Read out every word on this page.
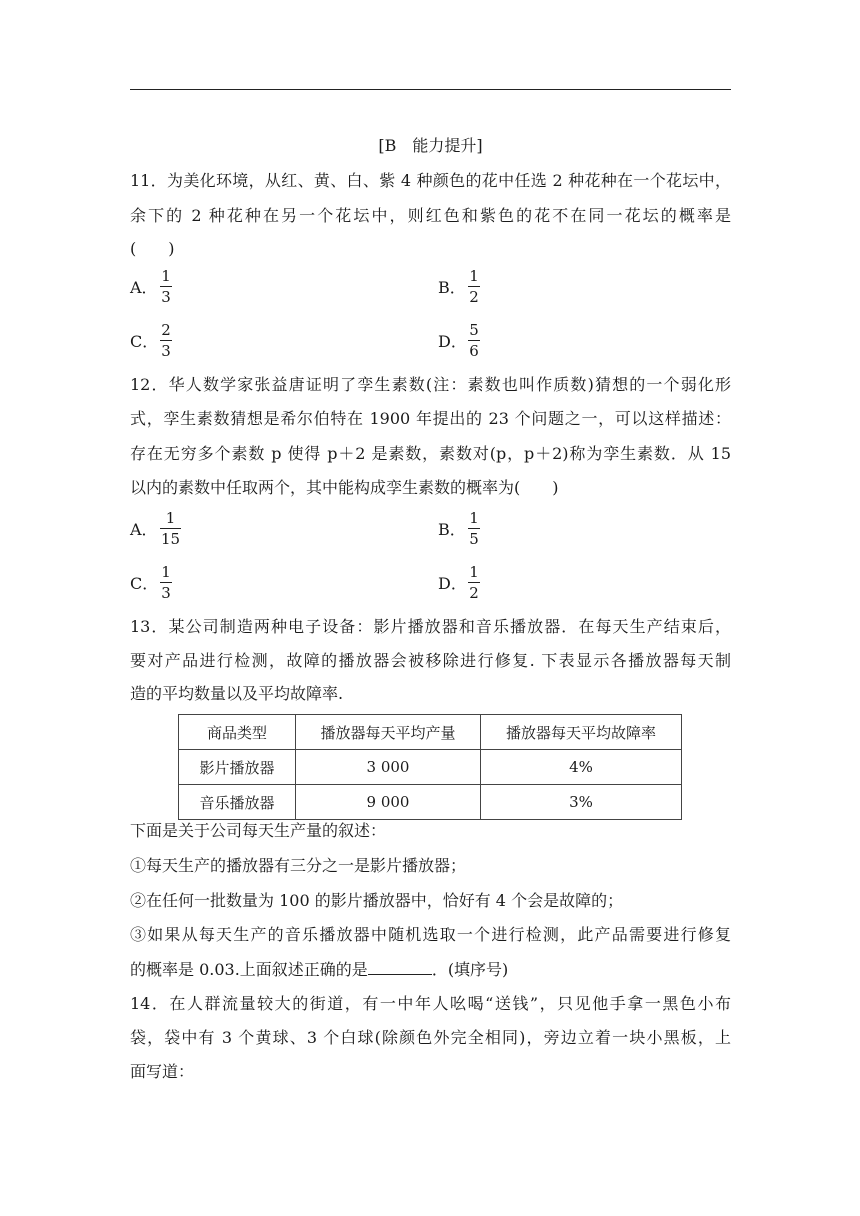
[B　能力提升]
11．为美化环境，从红、黄、白、紫 4 种颜色的花中任选 2 种花种在一个花坛中，
余下的 2 种花种在另一个花坛中，则红色和紫色的花不在同一花坛的概率是
(　　)
A． $\frac{1}{3}$	B． $\frac{1}{2}$
C． $\frac{2}{3}$	D． $\frac{5}{6}$
12．华人数学家张益唐证明了孪生素数(注：素数也叫作质数)猜想的一个弱化形
式，孪生素数猜想是希尔伯特在 1900 年提出的 23 个问题之一，可以这样描述：
存在无穷多个素数 p 使得 p＋2 是素数，素数对(p，p＋2)称为孪生素数．从 15
以内的素数中任取两个，其中能构成孪生素数的概率为(　　)
A． $\frac{1}{15}$	B． $\frac{1}{5}$
C． $\frac{1}{3}$	D． $\frac{1}{2}$
13．某公司制造两种电子设备：影片播放器和音乐播放器．在每天生产结束后，
要对产品进行检测，故障的播放器会被移除进行修复. 下表显示各播放器每天制
造的平均数量以及平均故障率.
商品类型	播放器每天平均产量	播放器每天平均故障率
影片播放器	3 000	4%
音乐播放器	9 000	3%
下面是关于公司每天生产量的叙述：
①每天生产的播放器有三分之一是影片播放器；
②在任何一批数量为 100 的影片播放器中，恰好有 4 个会是故障的；
③如果从每天生产的音乐播放器中随机选取一个进行检测，此产品需要进行修复
的概率是 0.03.上面叙述正确的是	．(填序号)
14．在人群流量较大的街道，有一中年人吆喝“送钱”，只见他手拿一黑色小布
袋，袋中有 3 个黄球、3 个白球(除颜色外完全相同)，旁边立着一块小黑板，上
面写道：
